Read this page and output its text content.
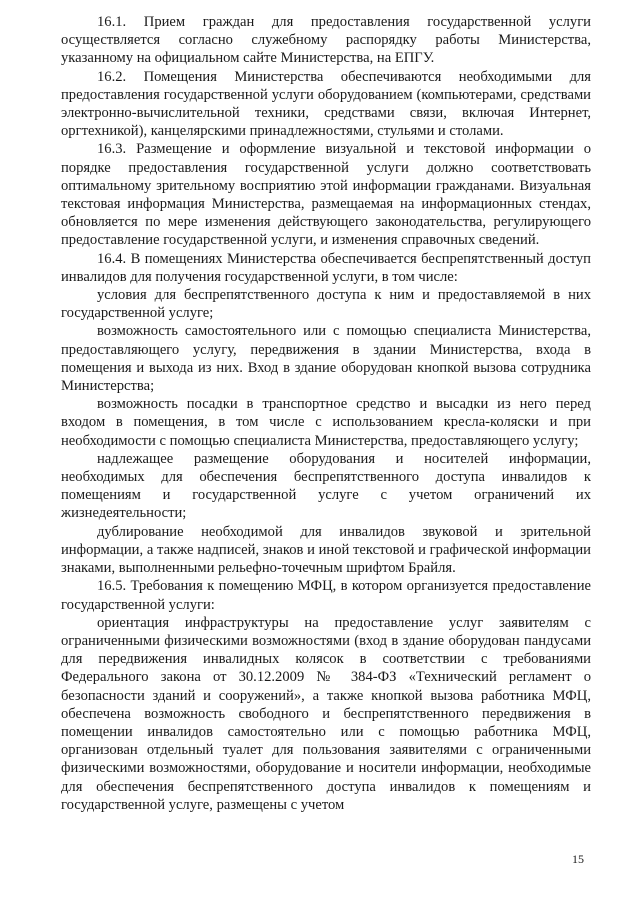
16.1. Прием граждан для предоставления государственной услуги осуществляется согласно служебному распорядку работы Министерства, указанному на официальном сайте Министерства, на ЕПГУ.

16.2. Помещения Министерства обеспечиваются необходимыми для предоставления государственной услуги оборудованием (компьютерами, средствами электронно-вычислительной техники, средствами связи, включая Интернет, оргтехникой), канцелярскими принадлежностями, стульями и столами.

16.3. Размещение и оформление визуальной и текстовой информации о порядке предоставления государственной услуги должно соответствовать оптимальному зрительному восприятию этой информации гражданами. Визуальная текстовая информация Министерства, размещаемая на информационных стендах, обновляется по мере изменения действующего законодательства, регулирующего предоставление государственной услуги, и изменения справочных сведений.

16.4. В помещениях Министерства обеспечивается беспрепятственный доступ инвалидов для получения государственной услуги, в том числе:

условия для беспрепятственного доступа к ним и предоставляемой в них государственной услуге;

возможность самостоятельного или с помощью специалиста Министерства, предоставляющего услугу, передвижения в здании Министерства, входа в помещения и выхода из них. Вход в здание оборудован кнопкой вызова сотрудника Министерства;

возможность посадки в транспортное средство и высадки из него перед входом в помещения, в том числе с использованием кресла-коляски и при необходимости с помощью специалиста Министерства, предоставляющего услугу;

надлежащее размещение оборудования и носителей информации, необходимых для обеспечения беспрепятственного доступа инвалидов к помещениям и государственной услуге с учетом ограничений их жизнедеятельности;

дублирование необходимой для инвалидов звуковой и зрительной информации, а также надписей, знаков и иной текстовой и графической информации знаками, выполненными рельефно-точечным шрифтом Брайля.

16.5. Требования к помещению МФЦ, в котором организуется предоставление государственной услуги:

ориентация инфраструктуры на предоставление услуг заявителям с ограниченными физическими возможностями (вход в здание оборудован пандусами для передвижения инвалидных колясок в соответствии с требованиями Федерального закона от 30.12.2009 № 384-ФЗ «Технический регламент о безопасности зданий и сооружений», а также кнопкой вызова работника МФЦ, обеспечена возможность свободного и беспрепятственного передвижения в помещении инвалидов самостоятельно или с помощью работника МФЦ, организован отдельный туалет для пользования заявителями с ограниченными физическими возможностями, оборудование и носители информации, необходимые для обеспечения беспрепятственного доступа инвалидов к помещениям и государственной услуге, размещены с учетом

15
